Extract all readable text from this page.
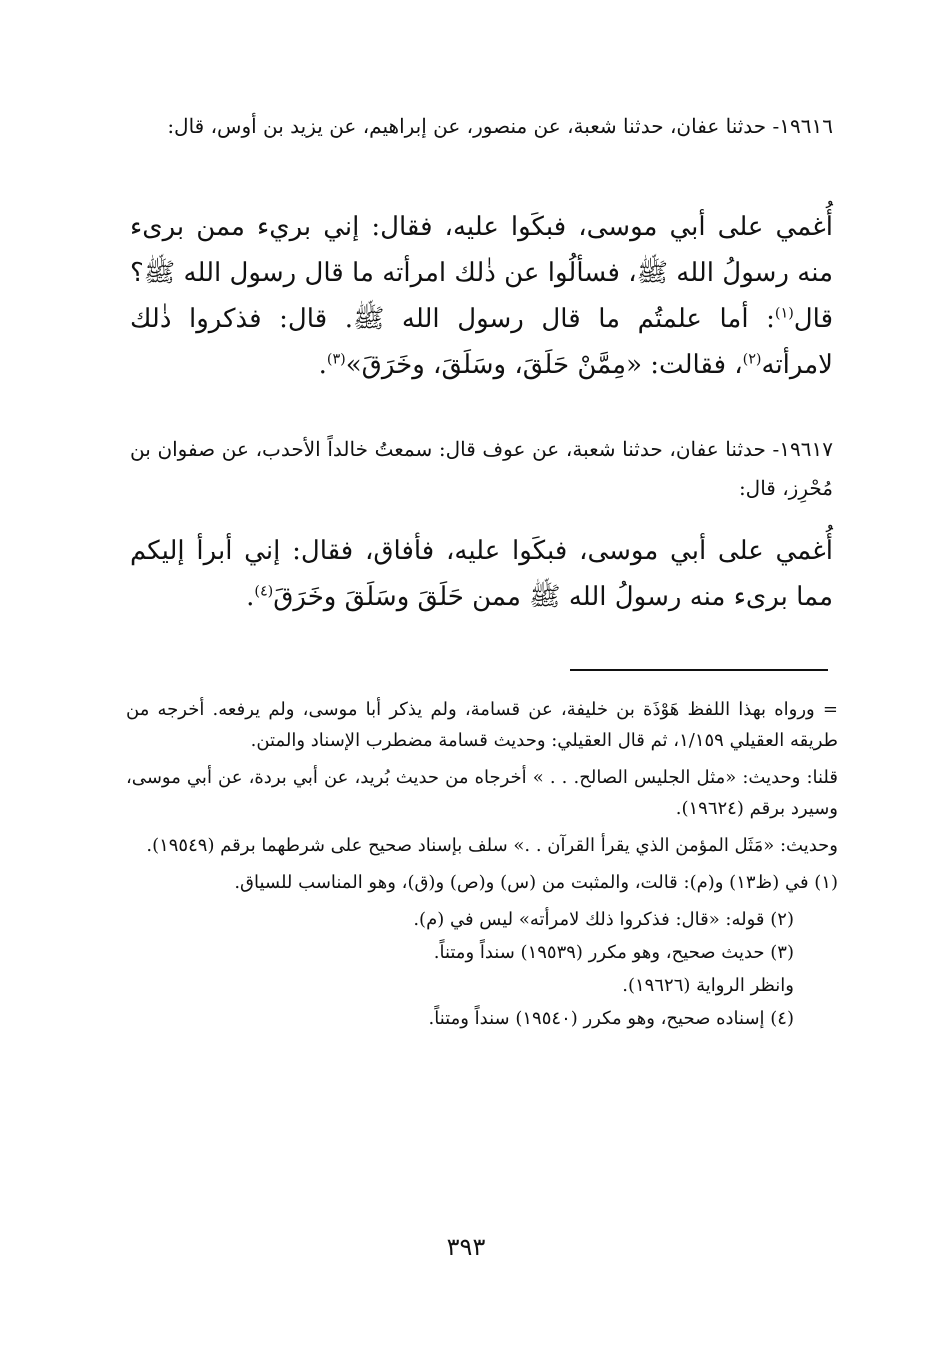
١٩٦١٦- حدثنا عفان، حدثنا شعبة، عن منصور، عن إبراهيم، عن يزيد بن أوس، قال:
أُغمي على أبي موسى، فبكَوا عليه، فقال: إني بريء ممن برىء منه رسولُ الله ﷺ، فسألُوا عن ذٰلك امرأته ما قال رسول الله ﷺ؟ قال$^{(١)}$: أما علمتُم ما قال رسول الله ﷺ. قال: فذكروا ذٰلك لامرأته$^{(٢)}$، فقالت: «مِمَّنْ حَلَقَ، وسَلَقَ، وخَرَقَ»$^{(٣)}$.
١٩٦١٧- حدثنا عفان، حدثنا شعبة، عن عوف قال: سمعتُ خالداً الأحدب، عن صفوان بن مُحْرِز، قال:
أُغمي على أبي موسى، فبكَوا عليه، فأفاق، فقال: إني أبرأ إليكم مما برىء منه رسولُ الله ﷺ ممن حَلَقَ وسَلَقَ وخَرَقَ$^{(٤)}$.

= ورواه بهذا اللفظ هَوْذَة بن خليفة، عن قسامة، ولم يذكر أبا موسى، ولم يرفعه. أخرجه من طريقه العقيلي ١/١٥٩، ثم قال العقيلي: وحديث قسامة مضطرب الإسناد والمتن.

قلنا: وحديث: «مثل الجليس الصالح. . . » أخرجاه من حديث بُريد، عن أبي بردة، عن أبي موسى، وسيرد برقم (١٩٦٢٤).

وحديث: «مَثَل المؤمن الذي يقرأ القرآن . .» سلف بإسناد صحيح على شرطهما برقم (١٩٥٤٩).

(١) في (ظ١٣) و(م): قالت، والمثبت من (س) و(ص) و(ق)، وهو المناسب للسياق.

(٢) قوله: «قال: فذكروا ذلك لامرأته» ليس في (م).

(٣) حديث صحيح، وهو مكرر (١٩٥٣٩) سنداً ومتناً.

وانظر الرواية (١٩٦٢٦).

(٤) إسناده صحيح، وهو مكرر (١٩٥٤٠) سنداً ومتناً.

٣٩٣
